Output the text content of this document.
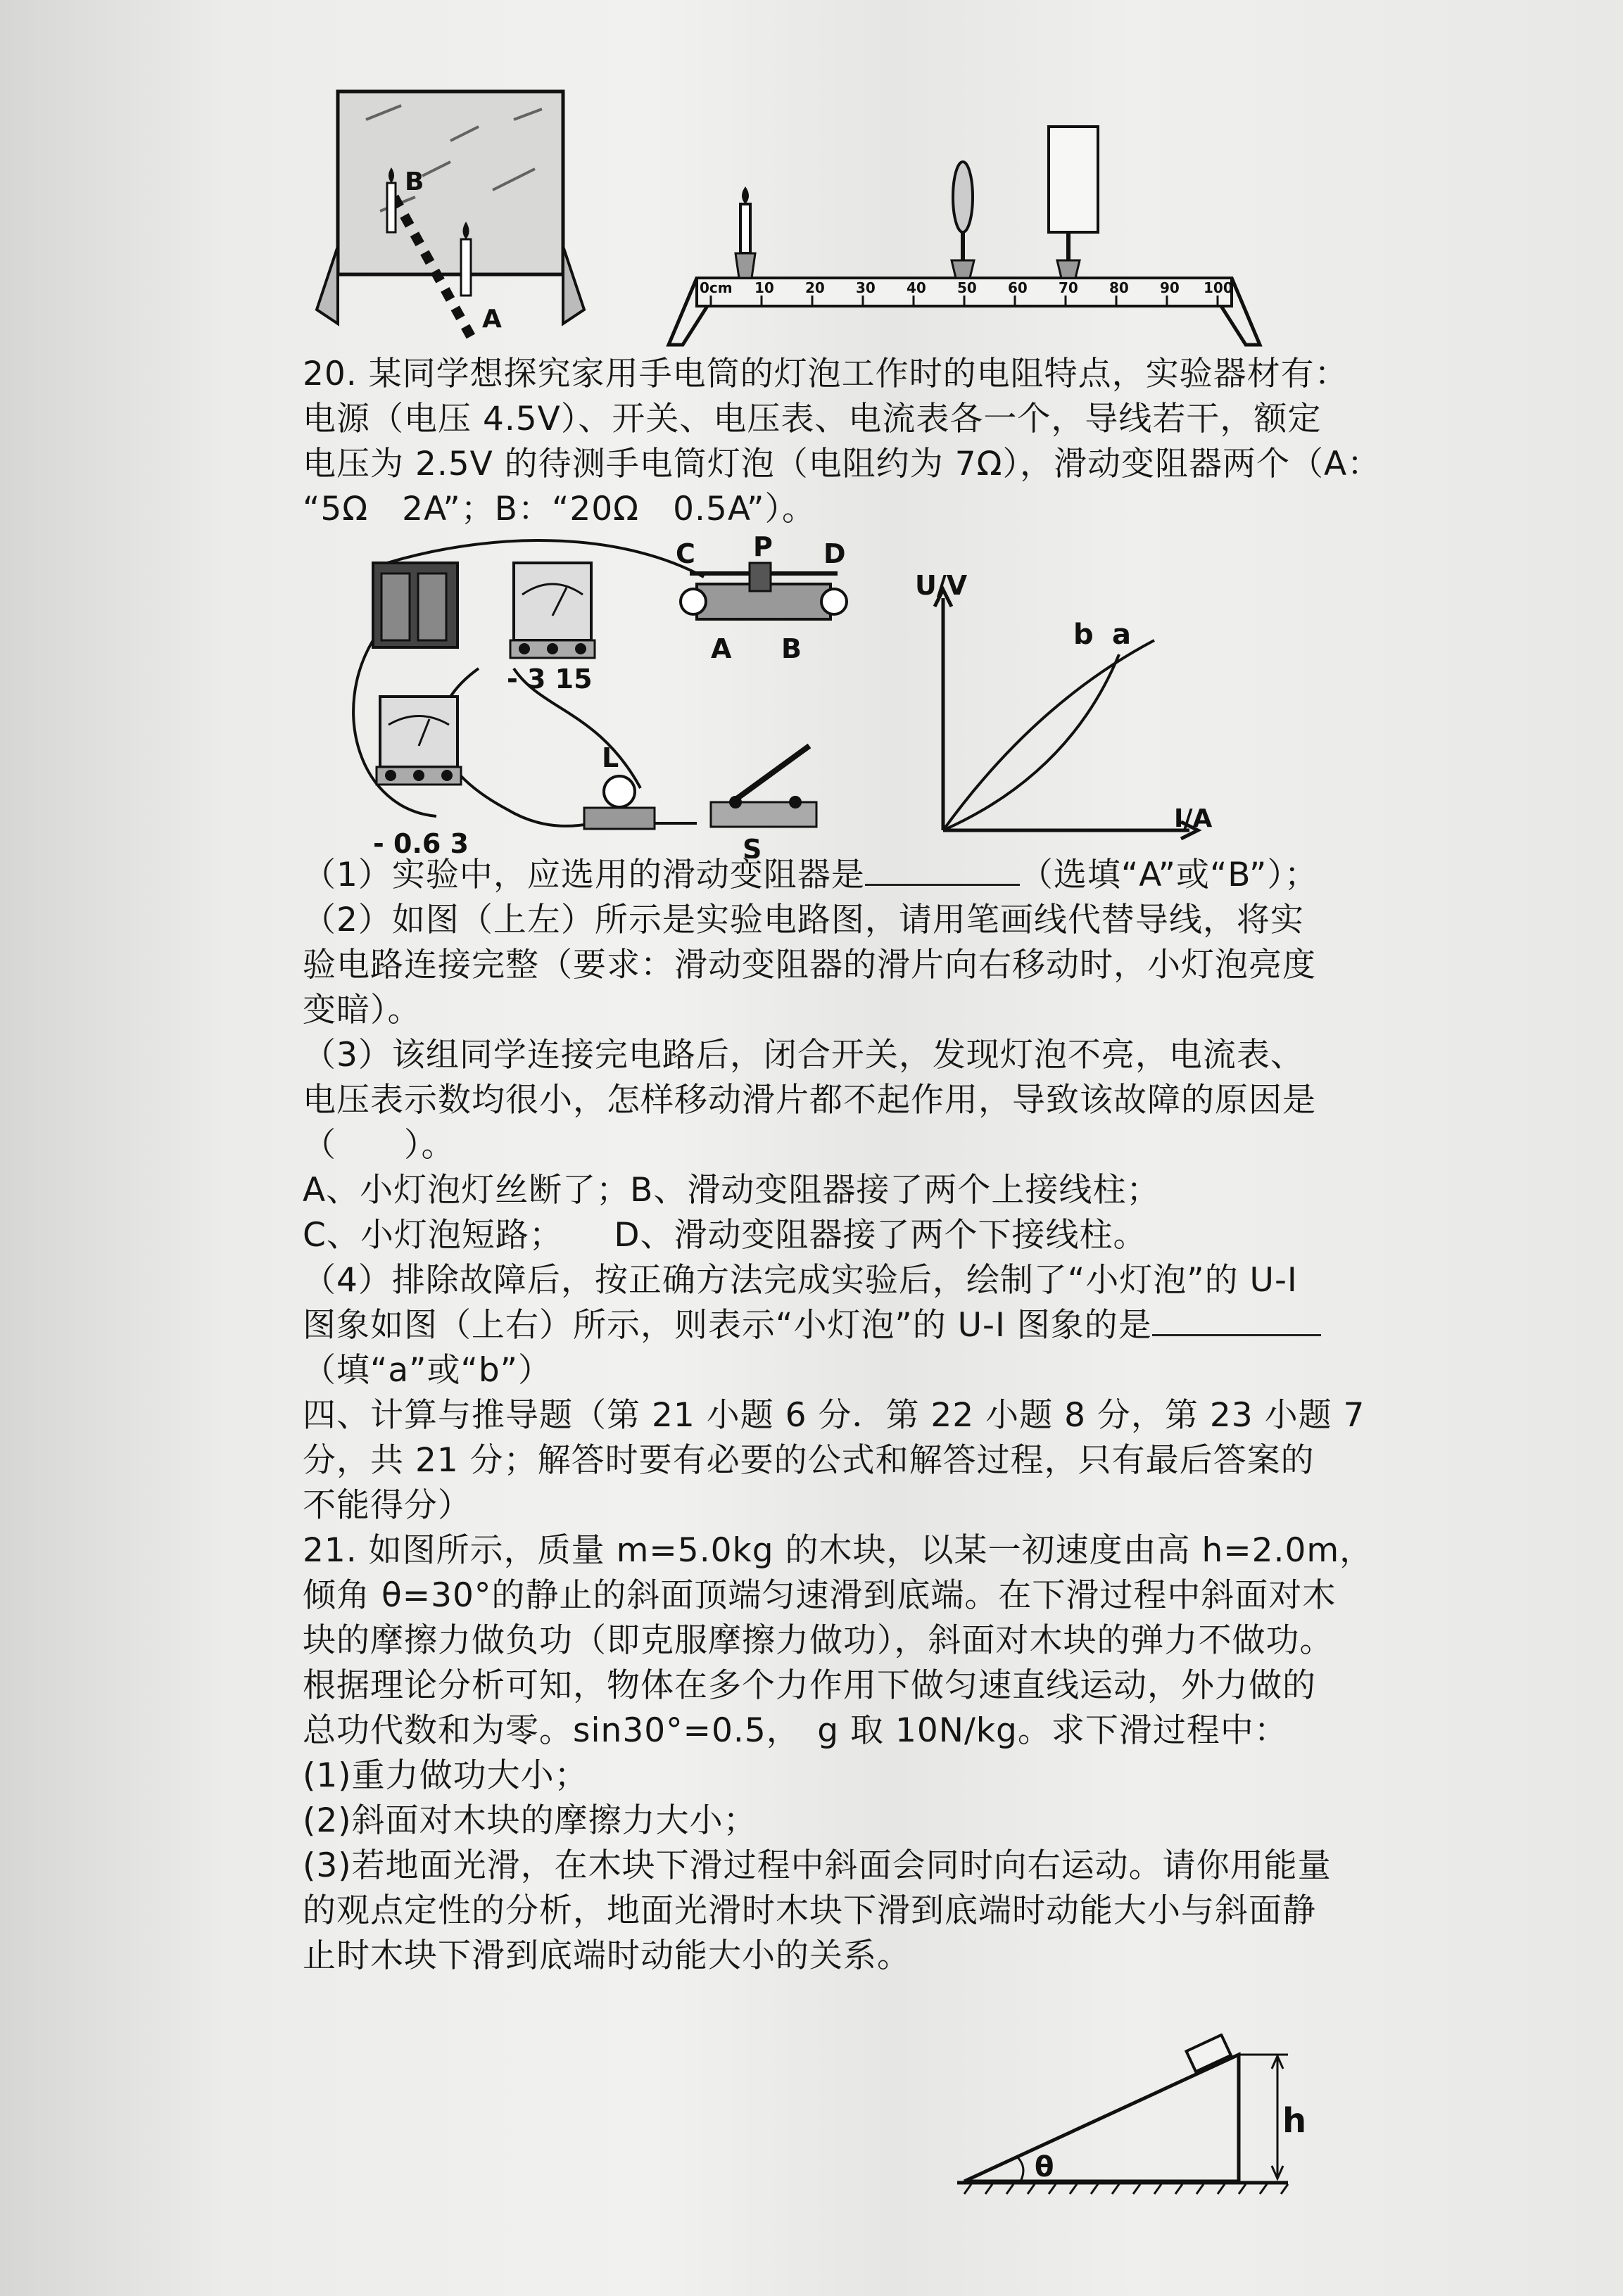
B
A
0cm 10 20 30 40 50 60 70 80 90 100
20. 某同学想探究家用手电筒的灯泡工作时的电阻特点，实验器材有：
电源（电压 4.5V）、开关、电压表、电流表各一个，导线若干，额定
电压为 2.5V 的待测手电筒灯泡（电阻约为 7Ω），滑动变阻器两个（A：
“5Ω　2A”；B：“20Ω　0.5A”）。
- 3 15
- 0.6 3
C P D
A B
L
S
U/V
I/A
b a
（1）实验中，应选用的滑动变阻器是	（选填“A”或“B”）；
（2）如图（上左）所示是实验电路图，请用笔画线代替导线，将实
验电路连接完整（要求：滑动变阻器的滑片向右移动时，小灯泡亮度
变暗）。
（3）该组同学连接完电路后，闭合开关，发现灯泡不亮，电流表、
电压表示数均很小，怎样移动滑片都不起作用，导致该故障的原因是
（　　）。
A、小灯泡灯丝断了；B、滑动变阻器接了两个上接线柱；
C、小灯泡短路；　　D、滑动变阻器接了两个下接线柱。
（4）排除故障后，按正确方法完成实验后，绘制了“小灯泡”的 U-I
图象如图（上右）所示，则表示“小灯泡”的 U-I 图象的是
（填“a”或“b”）
四、计算与推导题（第 21 小题 6 分．第 22 小题 8 分，第 23 小题 7
分，共 21 分；解答时要有必要的公式和解答过程，只有最后答案的
不能得分）
21. 如图所示，质量 m=5.0kg 的木块，以某一初速度由高 h=2.0m，
倾角 θ=30°的静止的斜面顶端匀速滑到底端。在下滑过程中斜面对木
块的摩擦力做负功（即克服摩擦力做功），斜面对木块的弹力不做功。
根据理论分析可知，物体在多个力作用下做匀速直线运动，外力做的
总功代数和为零。sin30°=0.5，　g 取 10N/kg。求下滑过程中：
(1)重力做功大小；
(2)斜面对木块的摩擦力大小；
(3)若地面光滑，在木块下滑过程中斜面会同时向右运动。请你用能量
的观点定性的分析，地面光滑时木块下滑到底端时动能大小与斜面静
止时木块下滑到底端时动能大小的关系。
h
θ
